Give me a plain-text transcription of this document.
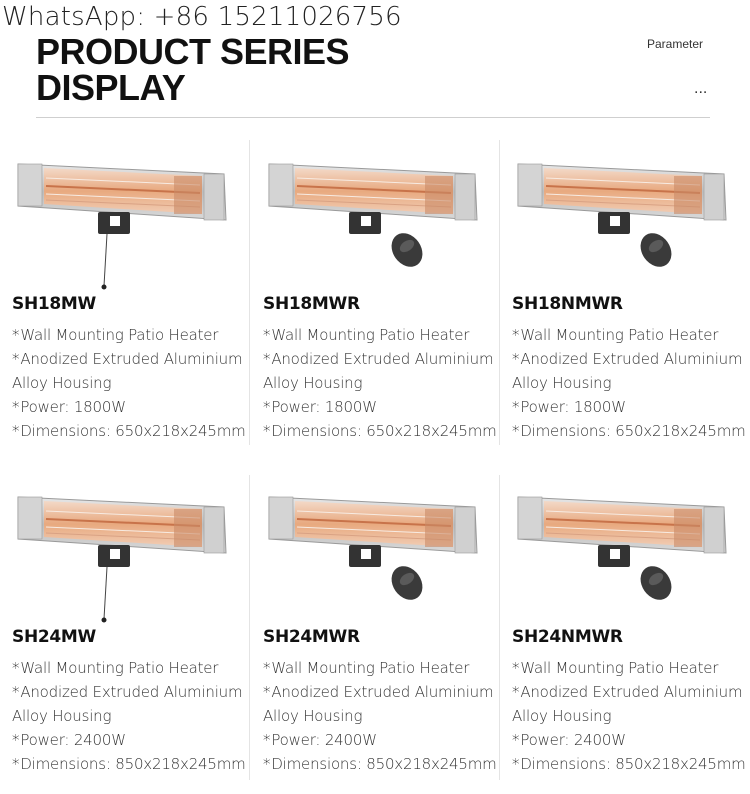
WhatsApp: +86 15211026756
PRODUCT SERIES
DISPLAY
Parameter
...
SH18MW
*Wall Mounting Patio Heater
*Anodized Extruded Aluminium
Alloy Housing
*Power: 1800W
*Dimensions: 650x218x245mm
SH18MWR
*Wall Mounting Patio Heater
*Anodized Extruded Aluminium
Alloy Housing
*Power: 1800W
*Dimensions: 650x218x245mm
SH18NMWR
*Wall Mounting Patio Heater
*Anodized Extruded Aluminium
Alloy Housing
*Power: 1800W
*Dimensions: 650x218x245mm
SH24MW
*Wall Mounting Patio Heater
*Anodized Extruded Aluminium
Alloy Housing
*Power: 2400W
*Dimensions: 850x218x245mm
SH24MWR
*Wall Mounting Patio Heater
*Anodized Extruded Aluminium
Alloy Housing
*Power: 2400W
*Dimensions: 850x218x245mm
SH24NMWR
*Wall Mounting Patio Heater
*Anodized Extruded Aluminium
Alloy Housing
*Power: 2400W
*Dimensions: 850x218x245mm
